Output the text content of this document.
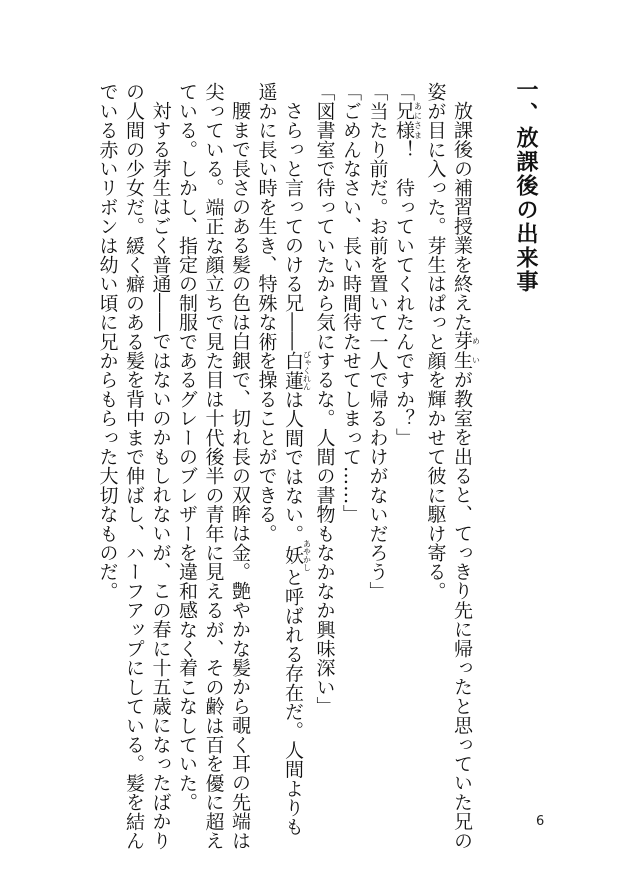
一、放課後の出来事
放課後の補習授業を終えた芽生めいが教室を出ると、てっきり先に帰ったと思っていた兄の
姿が目に入った。芽生はぱっと顔を輝かせて彼に駆け寄る。
「兄様あにさま！　待っていてくれたんですか？」
「当たり前だ。お前を置いて一人で帰るわけがないだろう」
「ごめんなさい、長い時間待たせてしまって……」
「図書室で待っていたから気にするな。人間の書物もなかなか興味深い」
さらっと言ってのける兄――白蓮びゃくれんは人間ではない。妖あやかしと呼ばれる存在だ。人間よりも
遥かに長い時を生き、特殊な術を操ることができる。
腰まで長さのある髪の色は白銀で、切れ長の双眸は金。艶やかな髪から覗く耳の先端は
尖っている。端正な顔立ちで見た目は十代後半の青年に見えるが、その齢は百を優に超え
ている。しかし、指定の制服であるグレーのブレザーを違和感なく着こなしていた。
対する芽生はごく普通――ではないのかもしれないが、この春に十五歳になったばかり
の人間の少女だ。緩く癖のある髪を背中まで伸ばし、ハーフアップにしている。髪を結ん
でいる赤いリボンは幼い頃に兄からもらった大切なものだ。
6
